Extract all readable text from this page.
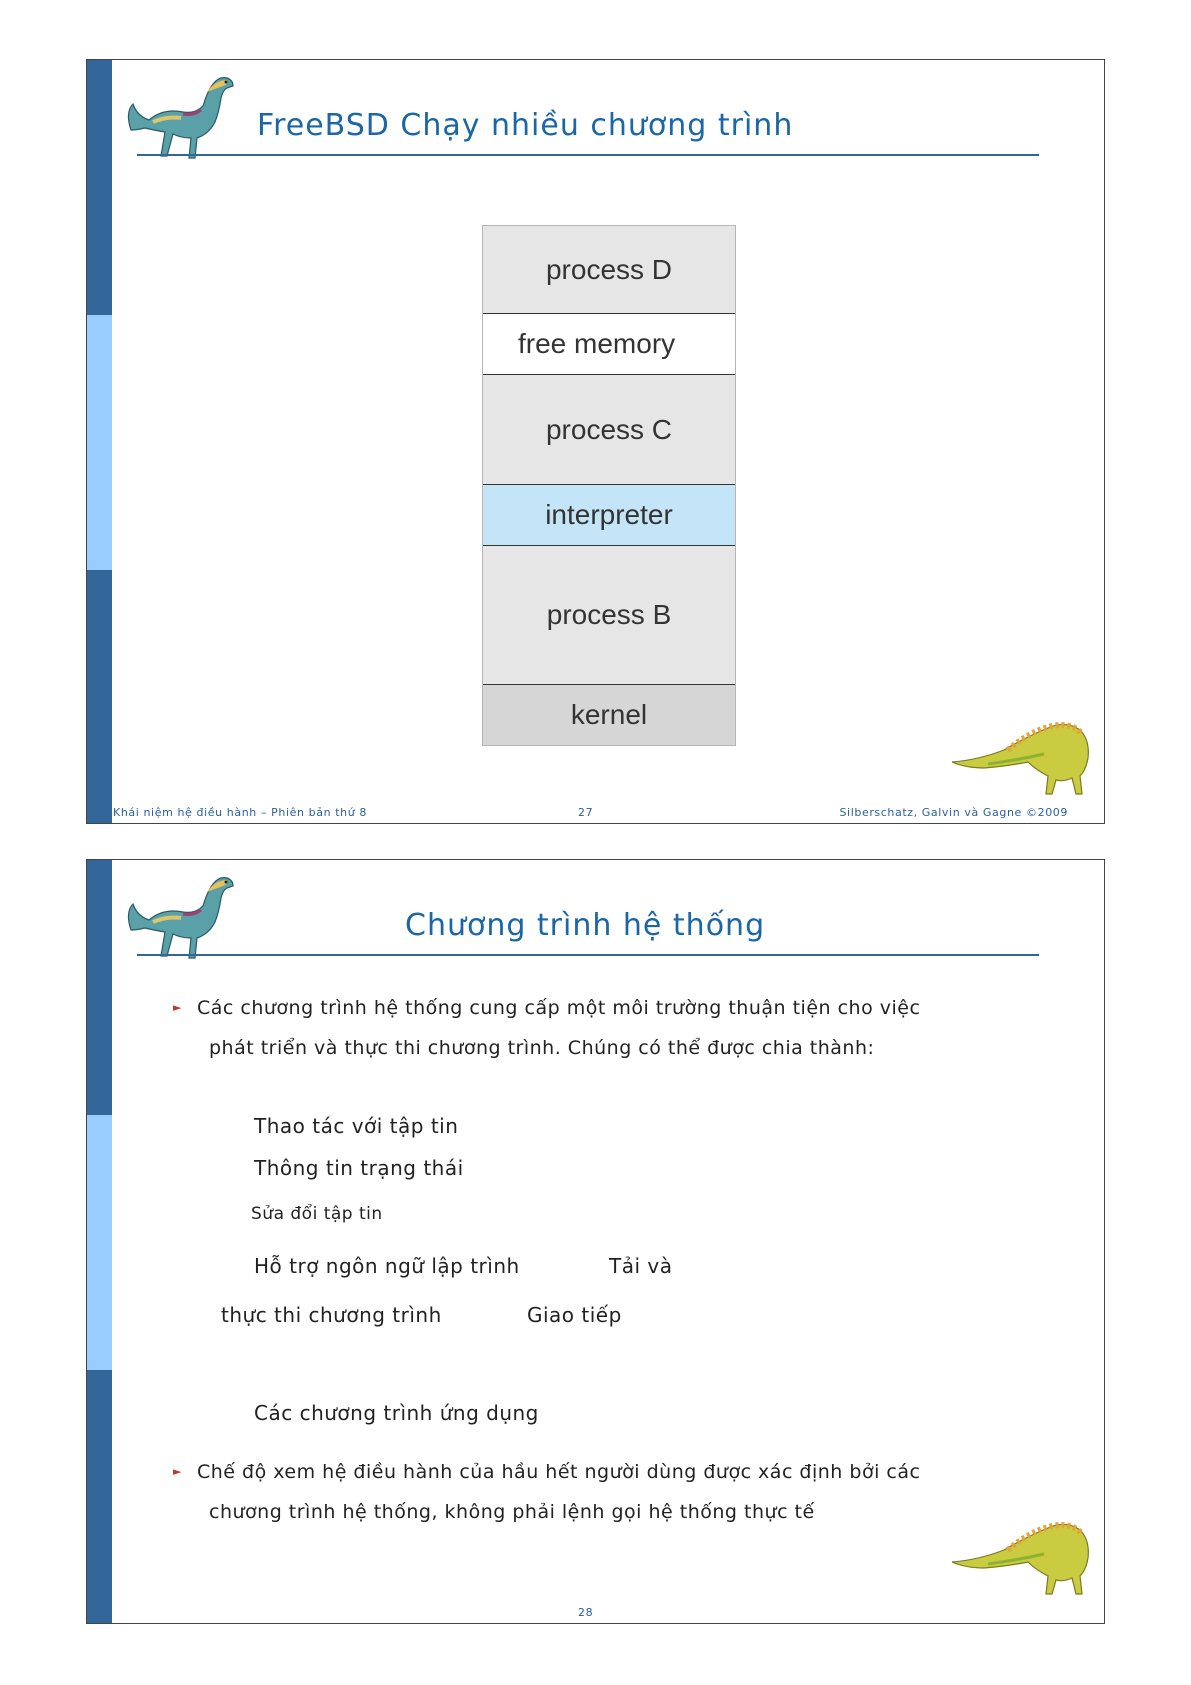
FreeBSD Chạy nhiều chương trình
process D
free memory
process C
interpreter
process B
kernel
Khái niệm hệ điều hành – Phiên bản thứ 8	27	Silberschatz, Galvin và Gagne ©2009
Chương trình hệ thống
► Các chương trình hệ thống cung cấp một môi trường thuận tiện cho việc
phát triển và thực thi chương trình. Chúng có thể được chia thành:
Thao tác với tập tin
Thông tin trạng thái
Sửa đổi tập tin
Hỗ trợ ngôn ngữ lập trình	Tải và
thực thi chương trình	Giao tiếp
Các chương trình ứng dụng
► Chế độ xem hệ điều hành của hầu hết người dùng được xác định bởi các
chương trình hệ thống, không phải lệnh gọi hệ thống thực tế
28
